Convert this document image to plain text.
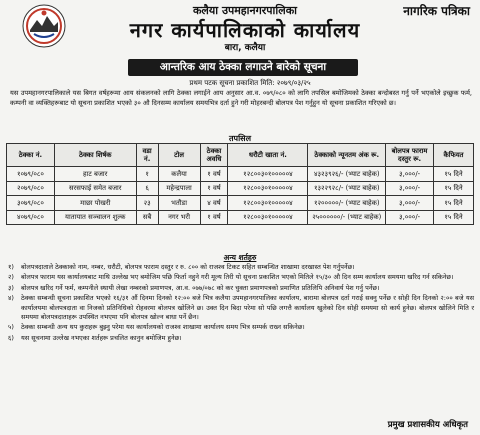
कलैया उपमहानगरपालिका
नगर कार्यपालिकाको कार्यालय
बारा, कलैया
नागरिक पत्रिका
आन्तरिक आय ठेक्का लगाउने बारेको सूचना
प्रथम पटक सूचना प्रकाशित मिति: २०७९/०३/२५

यस उपमहानगरपालिकाले यस बिगत वर्षहरूमा आय संकलनको लागि ठेक्का लगाईने आय अनुसार आ.व. ०७९/०८० को लागि तपसिल बमोजिमको ठेक्का बन्दोबस्त गर्नु पर्ने भएकोले इच्छुक फर्म, कम्पनी वा व्यक्तिहरूबाट यो सूचना प्रकाशित भएको ३० औ दिनसम्म कार्यालय समयभित्र दर्ता हुने गरी मोहरबन्दी बोलपत्र पेश गर्नुहुन यो सूचना प्रकाशित गरिएको छ।

तपसिल
ठेक्का नं.	ठेक्का शिर्षक	वडा नं.	टोल	ठेक्का अवधि	धरौटी खाता नं.	ठेक्काको न्यूनतम अंक रू.	बोलपत्र फाराम दस्तुर रू.	कैफियत
१०७९/०८०	हाट बजार	१	कलैया	१ वर्ष	१२८००३०१०००००४	४३२३९२६/- (भ्याट बाहेक)	३,०००/-	१५ दिने
२०७९/०८०	सरसफाई समेत बजार	६	महेन्द्रपाला	१ वर्ष	१२८००३०१०००००४	१३२२९२८/- (भ्याट बाहेक)	३,०००/-	१५ दिने
३०७९/०८०	माछा पोखरी	२३	भतौडा	४ वर्ष	१२८००३०१०००००४	१२०००००/- (भ्याट बाहेक)	३,०००/-	१५ दिने
४०७९/०८०	यातायात सञ्चालन शुल्क	सबै	नगर भरी	१ वर्ष	१२८००३०१०००००४	२५००००००/- (भ्याट बाहेक)	३,०००/-	१५ दिने
अन्य शर्तहरु
१)	बोलपत्रदाताले ठेक्काको नाम, नम्बर, धरौटी, बोलपत्र फाराम दस्तुर र रु. ८०० को राजश्व टिकट सहित सम्बन्धित शाखामा दरखास्त पेश गर्नुपर्नेछ।
२)	बोलपत्र फाराम यस कार्यालयबाट माथि उल्लेख भए बमोजिम पछि फिर्ता नहुने गरी मूल्य तिरी यो सूचना प्रकाशित भएको मितिले १५/३० औ दिन सम्म कार्यालय समयमा खरिद गर्न सकिनेछ।
३)	बोलपत्र खरिद गर्ने फर्म, कम्पनीले स्थायी लेखा नम्बरको प्रमाणपत्र, आ.व. ०७७/०७८ को कर चुक्ता प्रमाणपत्रको प्रमाणित प्रतिलिपि अनिवार्य पेश गर्नु पर्नेछ।
४)	ठेक्का सम्बन्धी सूचना प्रकाशित भएको १६/३१ औं दिनमा दिनको १२:०० बजे भित्र कलैया उपमहानगरपालिका कार्यालय, बारामा बोलपत्र दर्ता गराई सक्नु पर्नेछ र सोही दिन दिनको २:०० बजे यस कार्यालयमा बोलपत्रदाता वा निजको प्रतिनिधिको रोहवरमा बोलपत्र खोलिने छ। उक्त दिन बिदा परेमा सो पछि लगत्तै कार्यालय खुलेको दिन सोही समयमा सो कार्य हुनेछ। बोलपत्र खोलिने मिति र समयमा बोलपत्रदाताहरू उपस्थित नभएमा पनि बोलपत्र खोल्न बाधा पर्ने छैन।
५)	ठेक्का सम्बन्धी अन्य थप कुराहरू बुझ्नु परेमा यस कार्यालयको राजश्व शाखामा कार्यालय समय भित्र सम्पर्क राख्न सकिनेछ।
६)	यस सूचनामा उल्लेख नभएका शर्तहरू प्रचलित कानुन बमोजिम हुनेछ।
प्रमुख प्रशासकीय अधिकृत
